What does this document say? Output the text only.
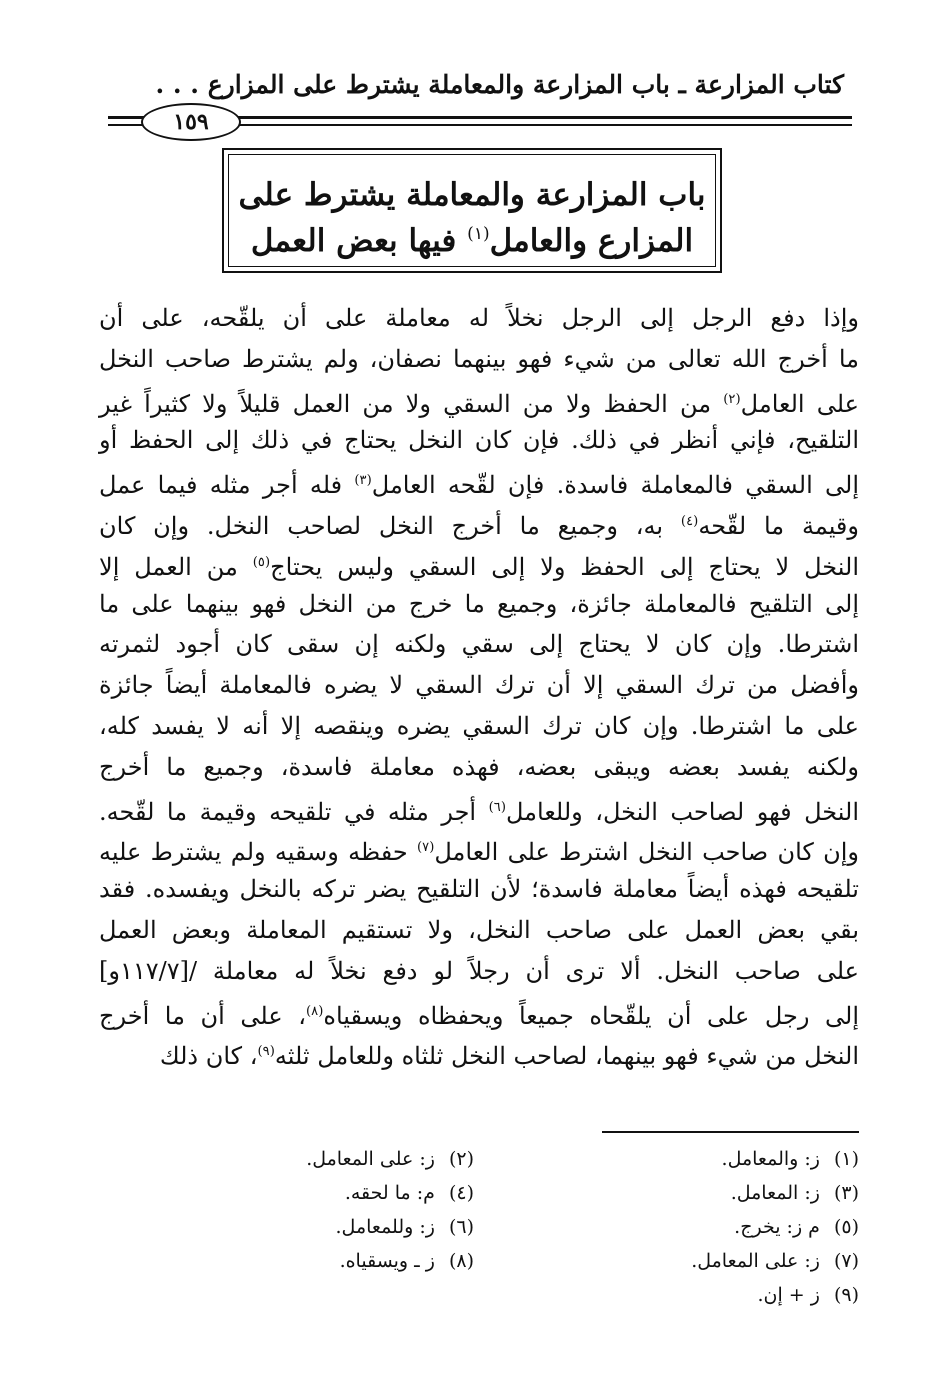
كتاب المزارعة ـ باب المزارعة والمعاملة يشترط على المزارع . . .
١٥٩
باب المزارعة والمعاملة يشترط على
المزارع والعامل$^{(١)}$ فيها بعض العمل
وإذا دفع الرجل إلى الرجل نخلاً له معاملة على أن يلقّحه، على أن
ما أخرج الله تعالى من شيء فهو بينهما نصفان، ولم يشترط صاحب النخل
على العامل$^{(٢)}$ من الحفظ ولا من السقي ولا من العمل قليلاً ولا كثيراً غير
التلقيح، فإني أنظر في ذلك. فإن كان النخل يحتاج في ذلك إلى الحفظ أو
إلى السقي فالمعاملة فاسدة. فإن لقّحه العامل$^{(٣)}$ فله أجر مثله فيما عمل
وقيمة ما لقّحه$^{(٤)}$ به، وجميع ما أخرج النخل لصاحب النخل. وإن كان
النخل لا يحتاج إلى الحفظ ولا إلى السقي وليس يحتاج$^{(٥)}$ من العمل إلا
إلى التلقيح فالمعاملة جائزة، وجميع ما خرج من النخل فهو بينهما على ما
اشترطا. وإن كان لا يحتاج إلى سقي ولكنه إن سقى كان أجود لثمرته
وأفضل من ترك السقي إلا أن ترك السقي لا يضره فالمعاملة أيضاً جائزة
على ما اشترطا. وإن كان ترك السقي يضره وينقصه إلا أنه لا يفسد كله،
ولكنه يفسد بعضه ويبقى بعضه، فهذه معاملة فاسدة، وجميع ما أخرج
النخل فهو لصاحب النخل، وللعامل$^{(٦)}$ أجر مثله في تلقيحه وقيمة ما لقّحه.
وإن كان صاحب النخل اشترط على العامل$^{(٧)}$ حفظه وسقيه ولم يشترط عليه
تلقيحه فهذه أيضاً معاملة فاسدة؛ لأن التلقيح يضر تركه بالنخل ويفسده. فقد
بقي بعض العمل على صاحب النخل، ولا تستقيم المعاملة وبعض العمل
على صاحب النخل. ألا ترى أن رجلاً لو دفع نخلاً له معاملة /[١١٧/٧و]
إلى رجل على أن يلقّحاه جميعاً ويحفظاه ويسقياه$^{(٨)}$، على أن ما أخرج
النخل من شيء فهو بينهما، لصاحب النخل ثلثاه وللعامل ثلثه$^{(٩)}$، كان ذلك
(١)ز: والمعامل.
(٢)ز: على المعامل.
(٣)ز: المعامل.
(٤)م: ما لحقه.
(٥)م ز: يخرج.
(٦)ز: وللمعامل.
(٧)ز: على المعامل.
(٨)ز ـ ويسقياه.
(٩)ز + إن.
